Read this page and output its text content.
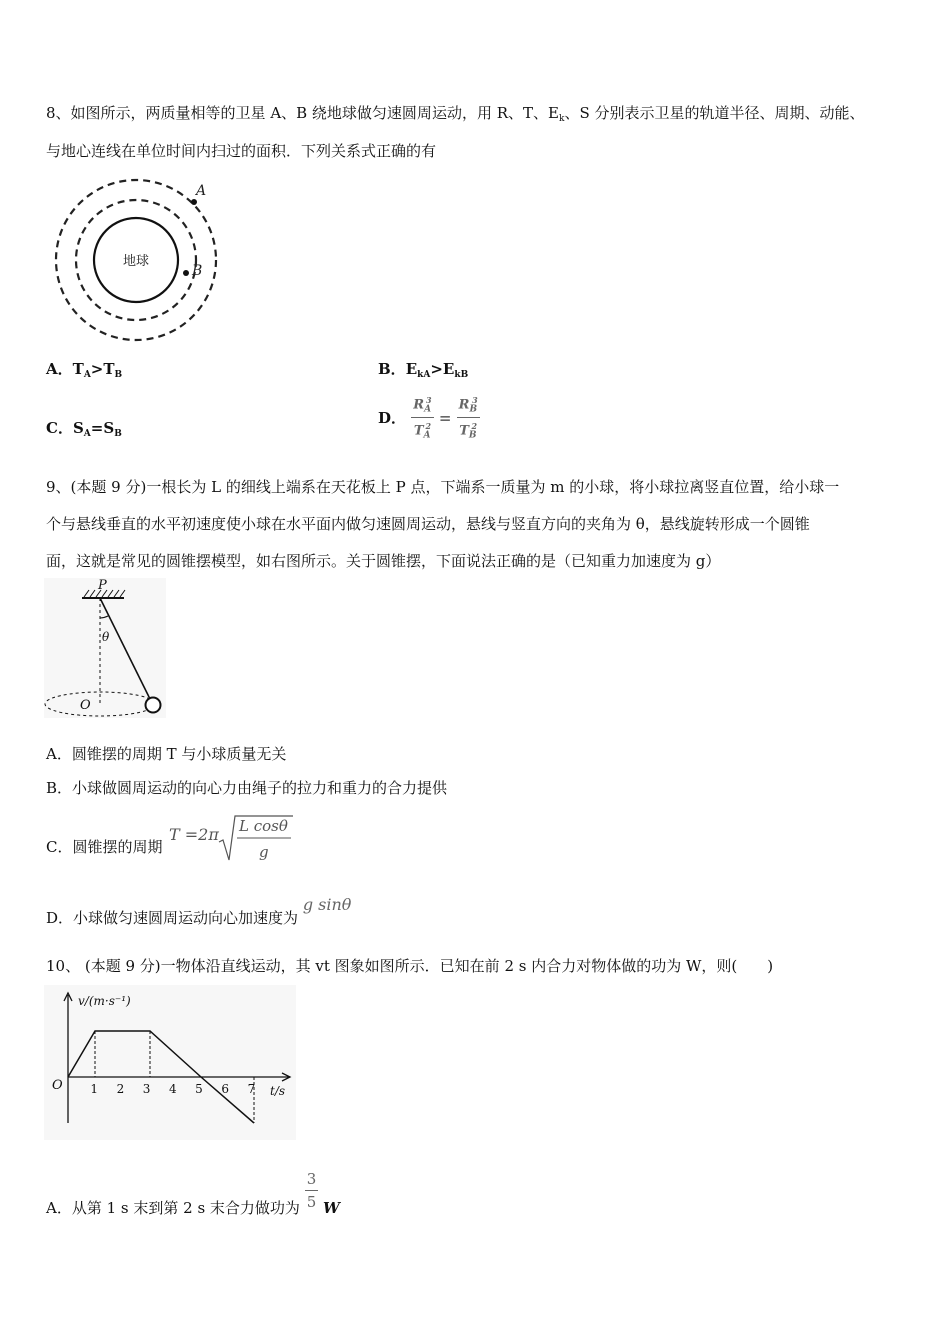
8、如图所示，两质量相等的卫星 A、B 绕地球做匀速圆周运动，用 R、T、$E_k$、S 分别表示卫星的轨道半径、周期、动能、
与地心连线在单位时间内扫过的面积．下列关系式正确的有
地球
A
B
A．$T_A>T_B$	B．$E_{kA}>E_{kB}$
C．$S_A=S_B$
D． $\frac{R_A^3}{T_A^2} = \frac{R_B^3}{T_B^2}$
9、(本题 9 分)一根长为 L 的细线上端系在天花板上 P 点，下端系一质量为 m 的小球，将小球拉离竖直位置，给小球一
个与悬线垂直的水平初速度使小球在水平面内做匀速圆周运动，悬线与竖直方向的夹角为 θ，悬线旋转形成一个圆锥
面，这就是常见的圆锥摆模型，如右图所示。关于圆锥摆，下面说法正确的是（已知重力加速度为 g）
P
θ
O
A．圆锥摆的周期 T 与小球质量无关
B．小球做圆周运动的向心力由绳子的拉力和重力的合力提供
C．圆锥摆的周期
T =2π L cosθ
g
D．小球做匀速圆周运动向心加速度为 g sinθ
10、 (本题 9 分)一物体沿直线运动，其 vt 图象如图所示．已知在前 2 s 内合力对物体做的功为 W，则(　　)
v/(m·s⁻¹)
t/s
O 1 2 3 4 5 6 7
A．从第 1 s 末到第 2 s 末合力做功为 $\frac{3}{5}$ W
